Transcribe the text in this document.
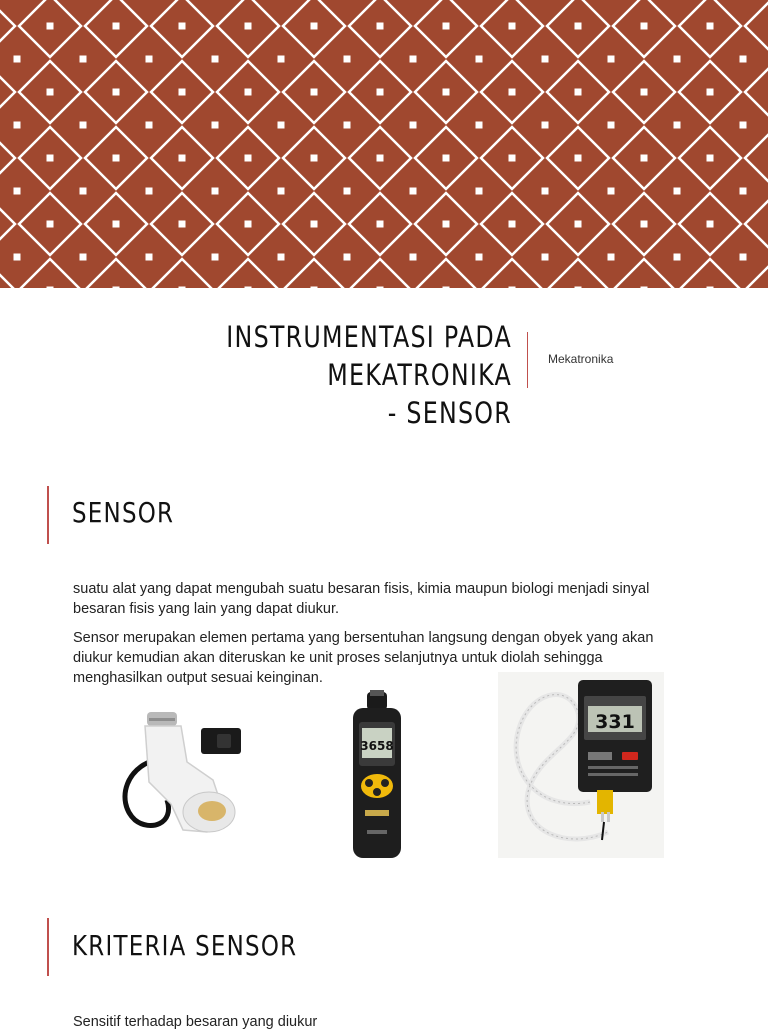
INSTRUMENTASI PADA MEKATRONIKA
- SENSOR
Mekatronika
SENSOR

suatu alat yang dapat mengubah suatu besaran fisis, kimia maupun biologi menjadi sinyal besaran fisis yang lain yang dapat diukur.

Sensor merupakan elemen pertama yang bersentuhan langsung dengan obyek yang akan diukur kemudian akan diteruskan ke unit proses selanjutnya untuk diolah sehingga menghasilkan output sesuai keinginan.

3658
331
KRITERIA SENSOR

Sensitif terhadap besaran yang diukur
